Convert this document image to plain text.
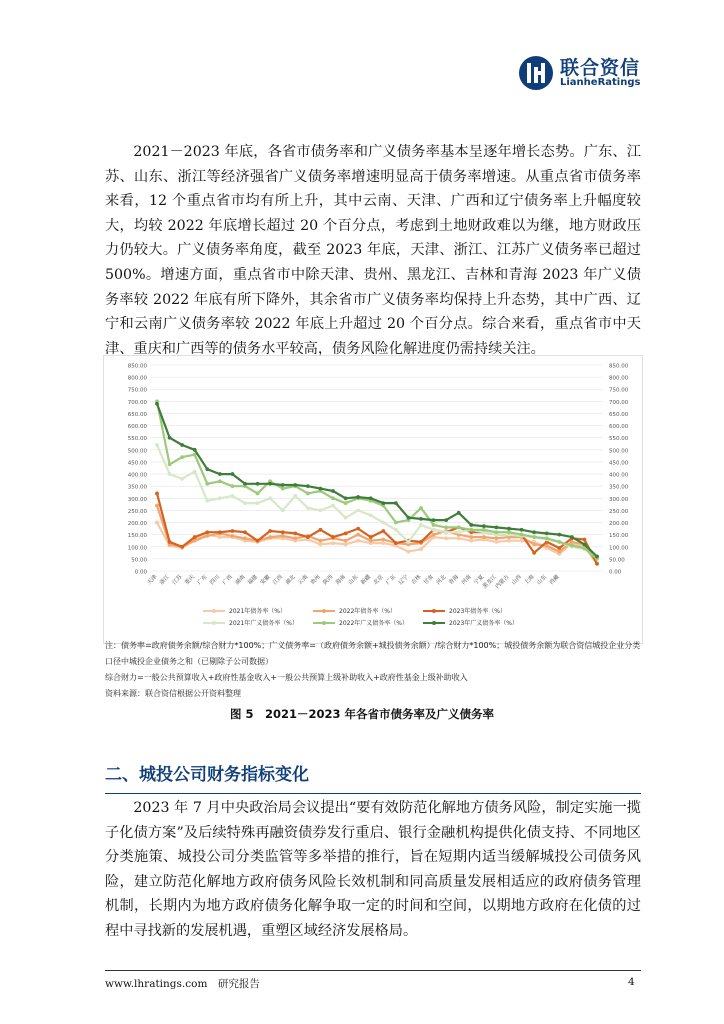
联合资信
LianheRatings
2021－2023 年底，各省市债务率和广义债务率基本呈逐年增长态势。广东、江苏、山东、浙江等经济强省广义债务率增速明显高于债务率增速。从重点省市债务率来看，12 个重点省市均有所上升，其中云南、天津、广西和辽宁债务率上升幅度较大，均较 2022 年底增长超过 20 个百分点，考虑到土地财政难以为继，地方财政压力仍较大。广义债务率角度，截至 2023 年底，天津、浙江、江苏广义债务率已超过 500%。增速方面，重点省市中除天津、贵州、黑龙江、吉林和青海 2023 年广义债务率较 2022 年底有所下降外，其余省市广义债务率均保持上升态势，其中广西、辽宁和云南广义债务率较 2022 年底上升超过 20 个百分点。综合来看，重点省市中天津、重庆和广西等的债务水平较高，债务风险化解进度仍需持续关注。
0.00	0.00
50.00	50.00
100.00	100.00
150.00	150.00
200.00	200.00
250.00	250.00
300.00	300.00
350.00	350.00
400.00	400.00
450.00	450.00
500.00	500.00
550.00	550.00
600.00	600.00
650.00	650.00
700.00	700.00
750.00	750.00
800.00	800.00
850.00	850.00
天津 浙江 江苏 重庆 广东 四川 广西 湖南 福建 安徽 江西 湖北 云南 贵州 陕西 海南 山东 新疆 北京 广东 辽宁 吉林 甘肃 河北 青海 河南 宁夏
黑龙江
内蒙古 山西 上海 山东 西藏
2021年债务率（%）	2022年债务率（%）	2023年债务率（%）
2021年广义债务率（%）	2022年广义债务率（%）	2023年广义债务率（%）
注：债务率=政府债务余额/综合财力*100%；广义债务率=（政府债务余额+城投债务余额）/综合财力*100%；城投债务余额为联合资信城投企业分类口径中城投企业债务之和（已剔除子公司数据）
综合财力=一般公共预算收入+政府性基金收入+一般公共预算上级补助收入+政府性基金上级补助收入
资料来源：联合资信根据公开资料整理
图 5　2021－2023 年各省市债务率及广义债务率
二、城投公司财务指标变化
2023 年 7 月中央政治局会议提出“要有效防范化解地方债务风险，制定实施一揽子化债方案”及后续特殊再融资债券发行重启、银行金融机构提供化债支持、不同地区分类施策、城投公司分类监管等多举措的推行，旨在短期内适当缓解城投公司债务风险，建立防范化解地方政府债务风险长效机制和同高质量发展相适应的政府债务管理机制，长期内为地方政府债务化解争取一定的时间和空间，以期地方政府在化债的过程中寻找新的发展机遇，重塑区域经济发展格局。
www.lhratings.com　研究报告	4
